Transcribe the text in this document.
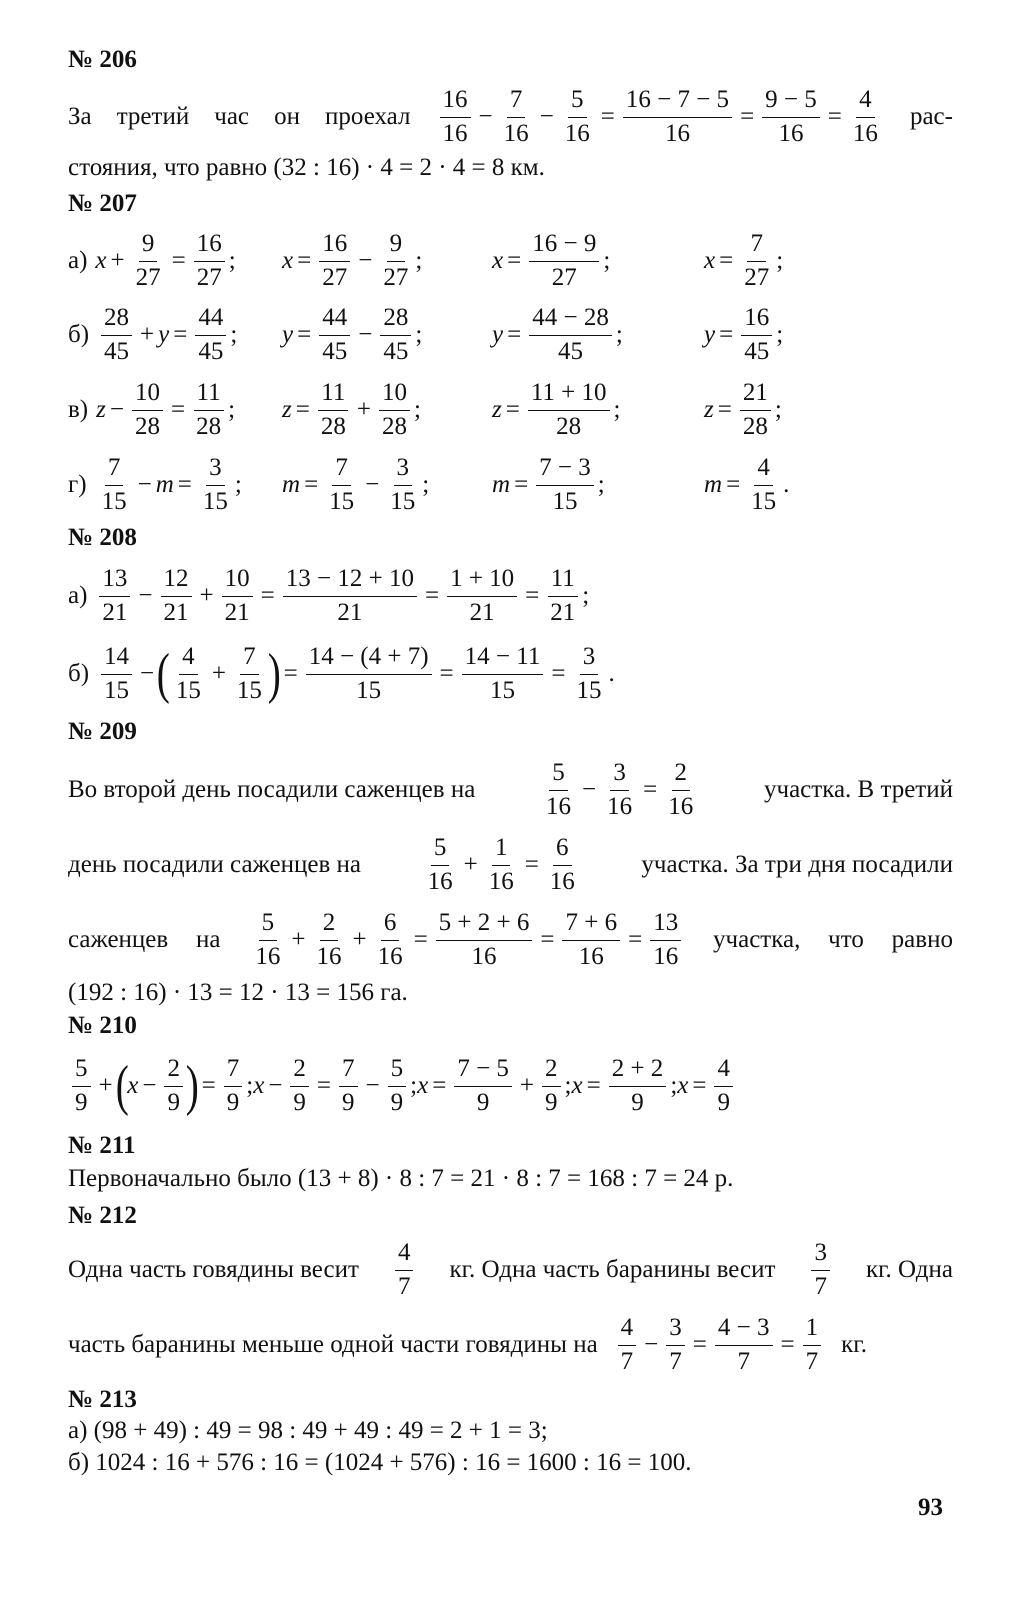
№ 206
За третий час он проехал $\frac{16}{16} - \frac{7}{16} - \frac{5}{16} = \frac{16 - 7 - 5}{16} = \frac{9 - 5}{16} = \frac{4}{16} рас-$
стояния, что равно (32 : 16) · 4 = 2 · 4 = 8 км.
№ 207
а) $x + \frac{9}{27} = \frac{16}{27}$ ; $x = \frac{16}{27} - \frac{9}{27}$ ;	$x = \frac{16 - 9}{27}$ ;	$x = \frac{7}{27}$ ;
$б) \frac{28}{45} + y = \frac{44}{45}$ ; $y = \frac{44}{45} - \frac{28}{45}$ ;	$y = \frac{44 - 28}{45}$ ;	$y = \frac{16}{45}$ ;
в) $z - \frac{10}{28} = \frac{11}{28}$ ; $z = \frac{11}{28} + \frac{10}{28}$ ;	$z = \frac{11 + 10}{28}$ ;	$z = \frac{21}{28}$ ;
$г) \frac{7}{15} - m = \frac{3}{15}$ ; $m = \frac{7}{15} - \frac{3}{15}$ ;	$m = \frac{7 - 3}{15}$ ;	$m = \frac{4}{15}$ .
№ 208
$а) \frac{13}{21} - \frac{12}{21} + \frac{10}{21} = \frac{13 - 12 + 10}{21} = \frac{1 + 10}{21} = \frac{11}{21}$ ;
$б) \frac{14}{15}$ − ( $\frac{4}{15} + \frac{7}{15}$ ) = $\frac{14 - (4 + 7)}{15} = \frac{14 - 11}{15} = \frac{3}{15}$ .
№ 209
Во второй день посадили саженцев на	$\frac{5}{16} - \frac{3}{16} = \frac{2}{16}$	участка. В третий
день посадили саженцев на	$\frac{5}{16} + \frac{1}{16} = \frac{6}{16}$	участка. За три дня посадили
саженцев на $\frac{5}{16} + \frac{2}{16} + \frac{6}{16} = \frac{5 + 2 + 6}{16} = \frac{7 + 6}{16} = \frac{13}{16}$ участка, что равно
(192 : 16) · 13 = 12 · 13 = 156 га.
№ 210
$\frac{5}{9}$ + (
$x - \frac{2}{9}$ ) = $\frac{7}{9}$ ; $x - \frac{2}{9} = \frac{7}{9} - \frac{5}{9}$ ; $x = \frac{7 - 5}{9} + \frac{2}{9}$ ; $x = \frac{2 + 2}{9}$ ; $x = \frac{4}{9}$
№ 211
Первоначально было (13 + 8) · 8 : 7 = 21 · 8 : 7 = 168 : 7 = 24 р.
№ 212
Одна часть говядины весит $\frac{4}{7}$ кг. Одна часть баранины весит $\frac{3}{7}$ кг. Одна
часть баранины меньше одной части говядины на $\frac{4}{7} - \frac{3}{7} = \frac{4 - 3}{7} = \frac{1}{7}$ кг.
№ 213
а) (98 + 49) : 49 = 98 : 49 + 49 : 49 = 2 + 1 = 3;
б) 1024 : 16 + 576 : 16 = (1024 + 576) : 16 = 1600 : 16 = 100.
93
